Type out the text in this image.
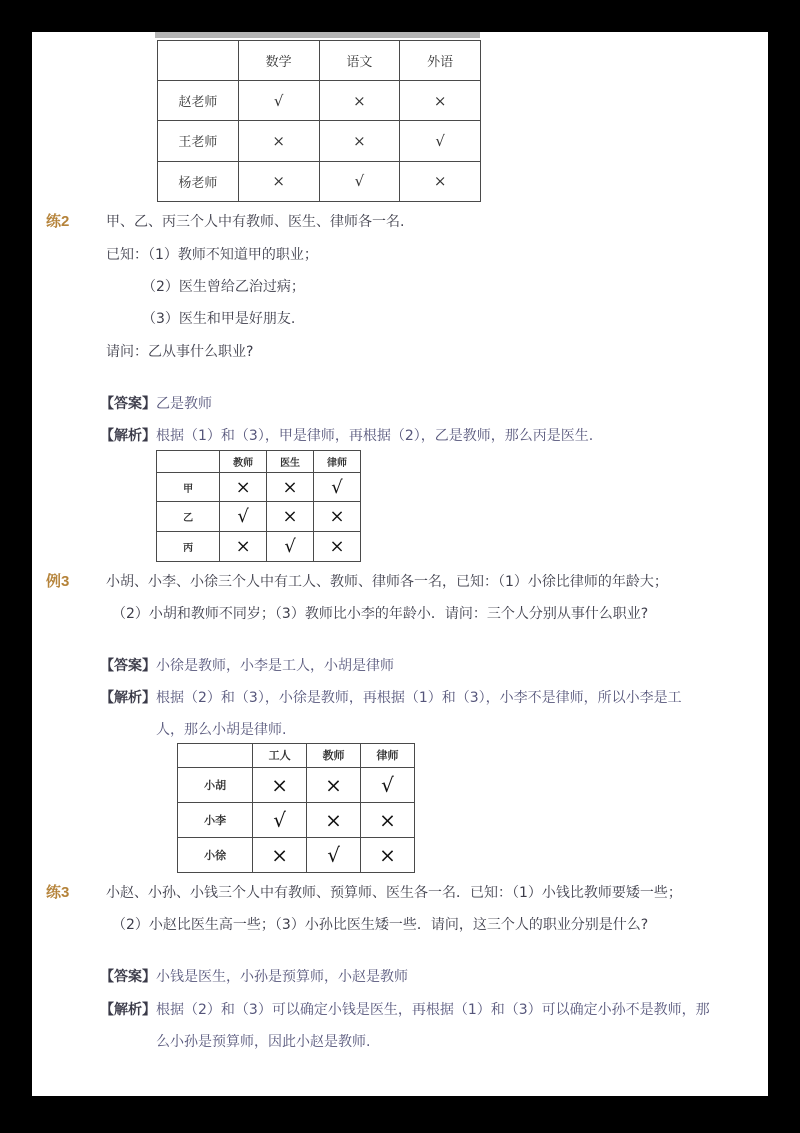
	数学	语文	外语
赵老师	√	×	×
王老师	×	×	√
杨老师	×	√	×
练2	甲、乙、丙三个人中有教师、医生、律师各一名.
已知：（1）教师不知道甲的职业；
（2）医生曾给乙治过病；
（3）医生和甲是好朋友.
请问：乙从事什么职业?
【答案】乙是教师
【解析】根据（1）和（3），甲是律师，再根据（2），乙是教师，那么丙是医生.
	教师	医生	律师
甲	×	×	√
乙	√	×	×
丙	×	√	×
例3	小胡、小李、小徐三个人中有工人、教师、律师各一名，已知：（1）小徐比律师的年龄大；
（2）小胡和教师不同岁；（3）教师比小李的年龄小．请问：三个人分别从事什么职业?
【答案】小徐是教师，小李是工人，小胡是律师
【解析】根据（2）和（3），小徐是教师，再根据（1）和（3），小李不是律师，所以小李是工
人，那么小胡是律师.
	工人	教师	律师
小胡	×	×	√
小李	√	×	×
小徐	×	√	×
练3	小赵、小孙、小钱三个人中有教师、预算师、医生各一名．已知：（1）小钱比教师要矮一些；
（2）小赵比医生高一些；（3）小孙比医生矮一些．请问，这三个人的职业分别是什么?
【答案】小钱是医生，小孙是预算师，小赵是教师
【解析】根据（2）和（3）可以确定小钱是医生，再根据（1）和（3）可以确定小孙不是教师，那
么小孙是预算师，因此小赵是教师.
